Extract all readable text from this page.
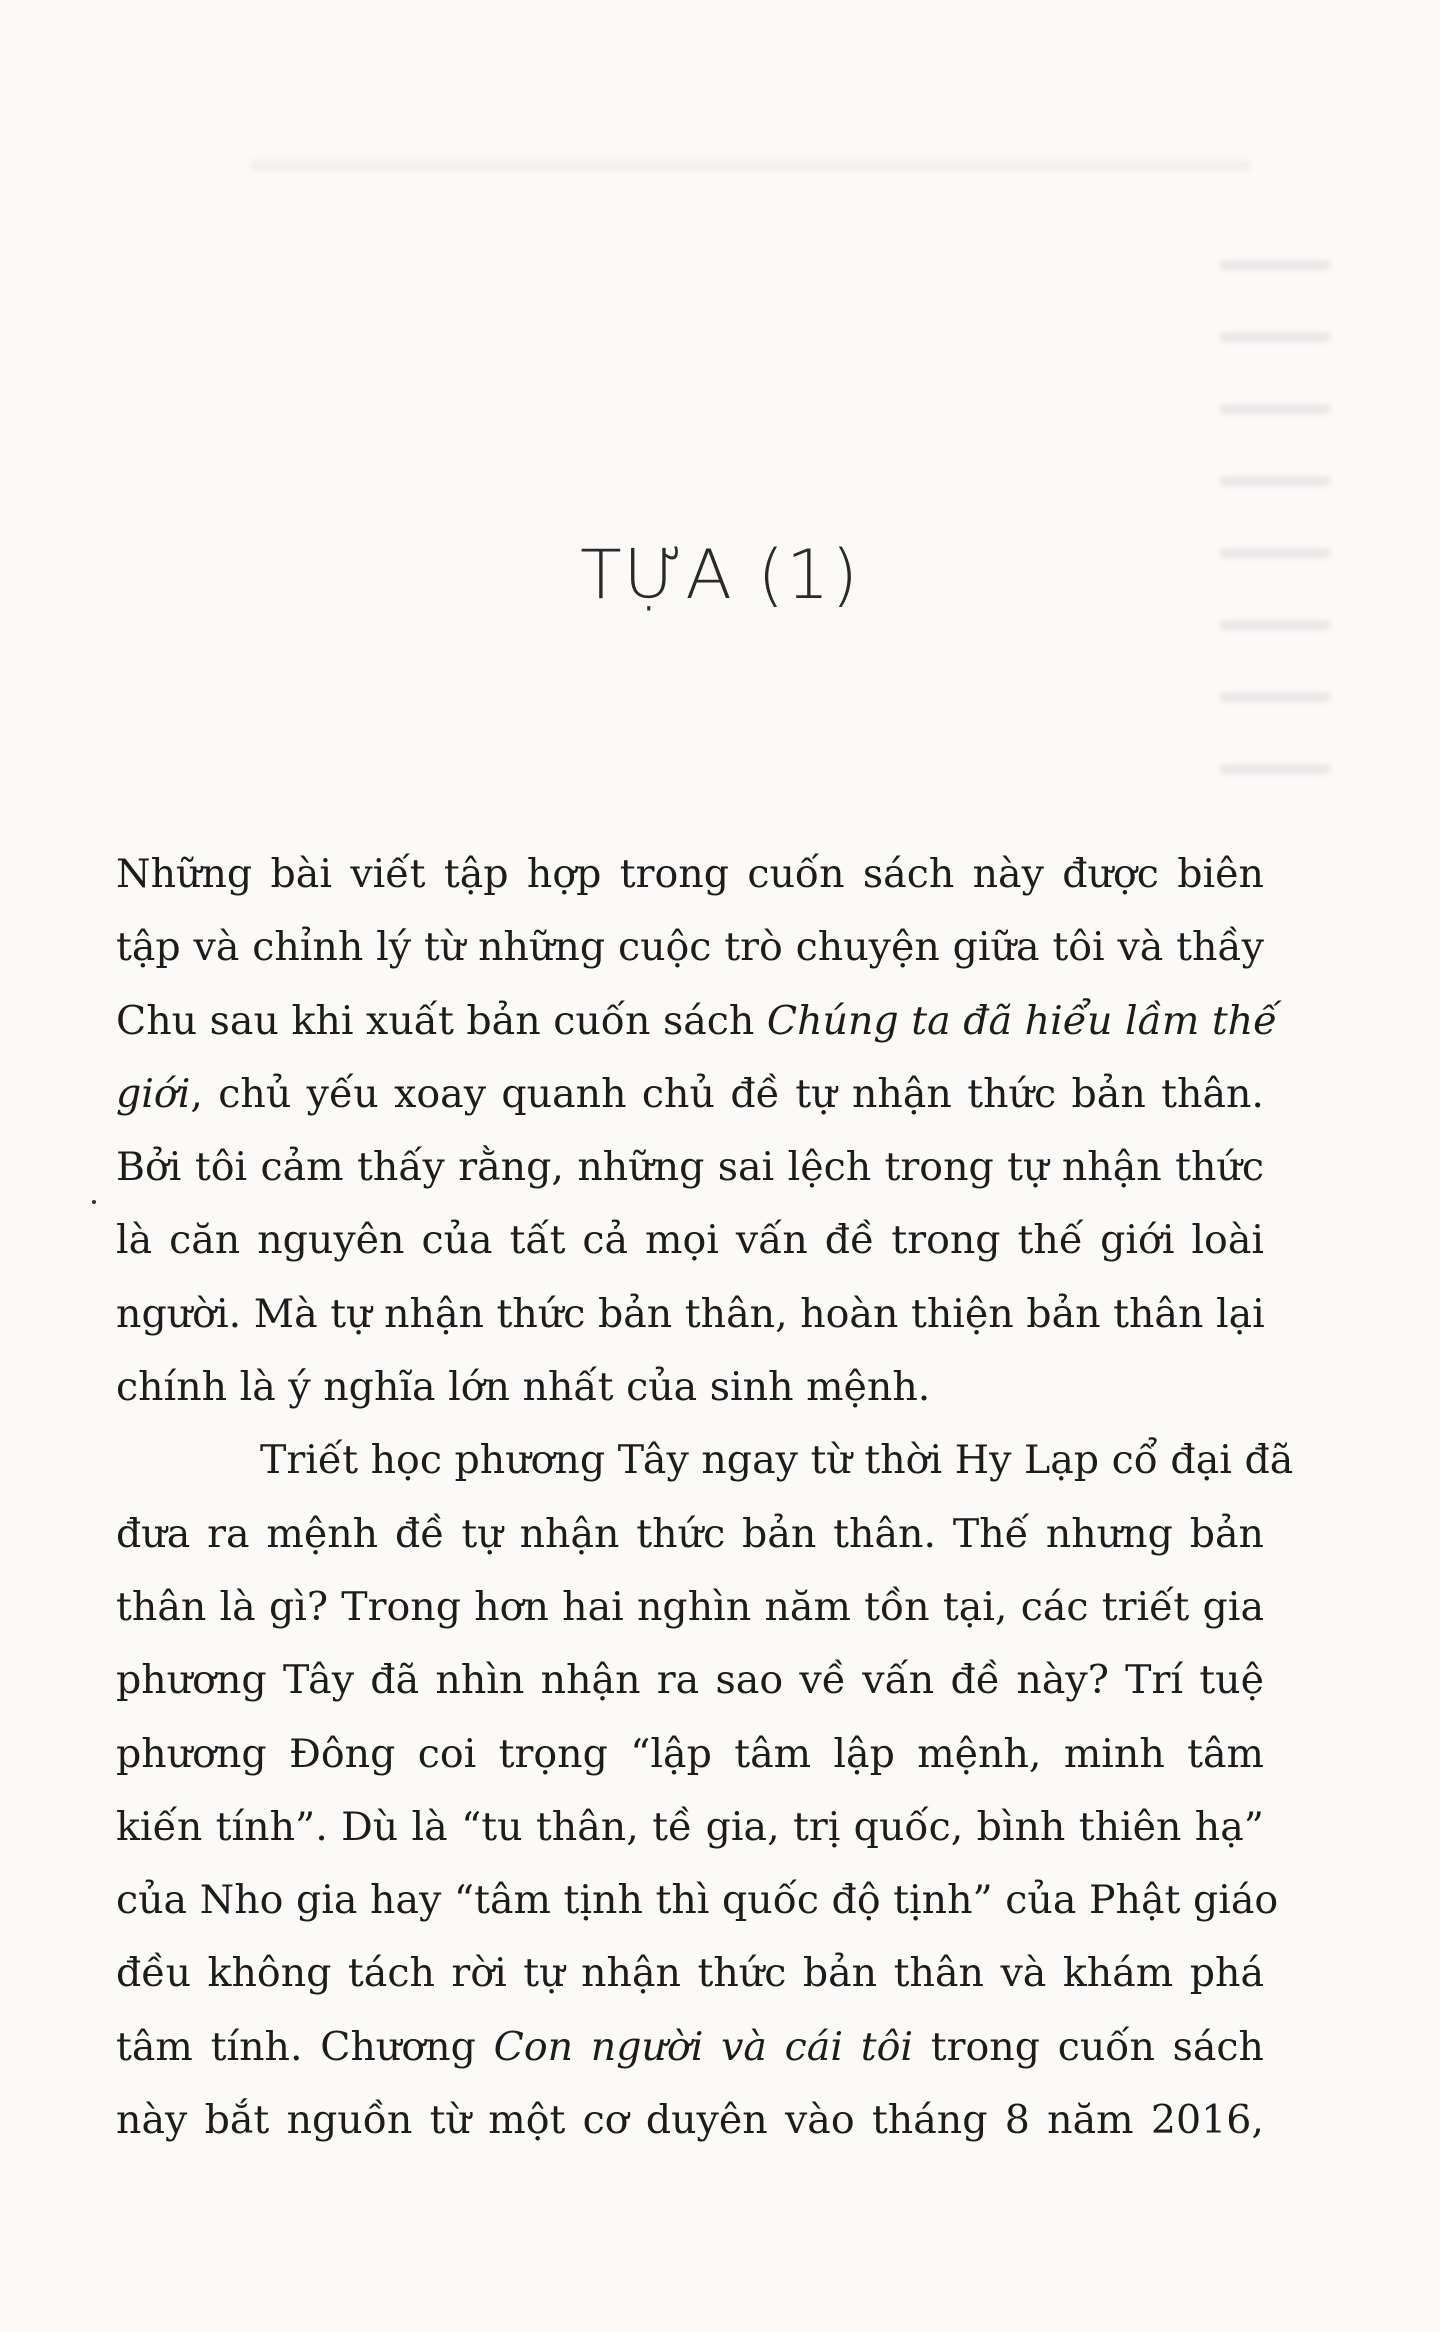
TỰA (1)
Những bài viết tập hợp trong cuốn sách này được biên
tập và chỉnh lý từ những cuộc trò chuyện giữa tôi và thầy
Chu sau khi xuất bản cuốn sách Chúng ta đã hiểu lầm thế
giới, chủ yếu xoay quanh chủ đề tự nhận thức bản thân.
Bởi tôi cảm thấy rằng, những sai lệch trong tự nhận thức
là căn nguyên của tất cả mọi vấn đề trong thế giới loài
người. Mà tự nhận thức bản thân, hoàn thiện bản thân lại
chính là ý nghĩa lớn nhất của sinh mệnh.
Triết học phương Tây ngay từ thời Hy Lạp cổ đại đã
đưa ra mệnh đề tự nhận thức bản thân. Thế nhưng bản
thân là gì? Trong hơn hai nghìn năm tồn tại, các triết gia
phương Tây đã nhìn nhận ra sao về vấn đề này? Trí tuệ
phương Đông coi trọng “lập tâm lập mệnh, minh tâm
kiến tính”. Dù là “tu thân, tề gia, trị quốc, bình thiên hạ”
của Nho gia hay “tâm tịnh thì quốc độ tịnh” của Phật giáo
đều không tách rời tự nhận thức bản thân và khám phá
tâm tính. Chương Con người và cái tôi trong cuốn sách
này bắt nguồn từ một cơ duyên vào tháng 8 năm 2016,
